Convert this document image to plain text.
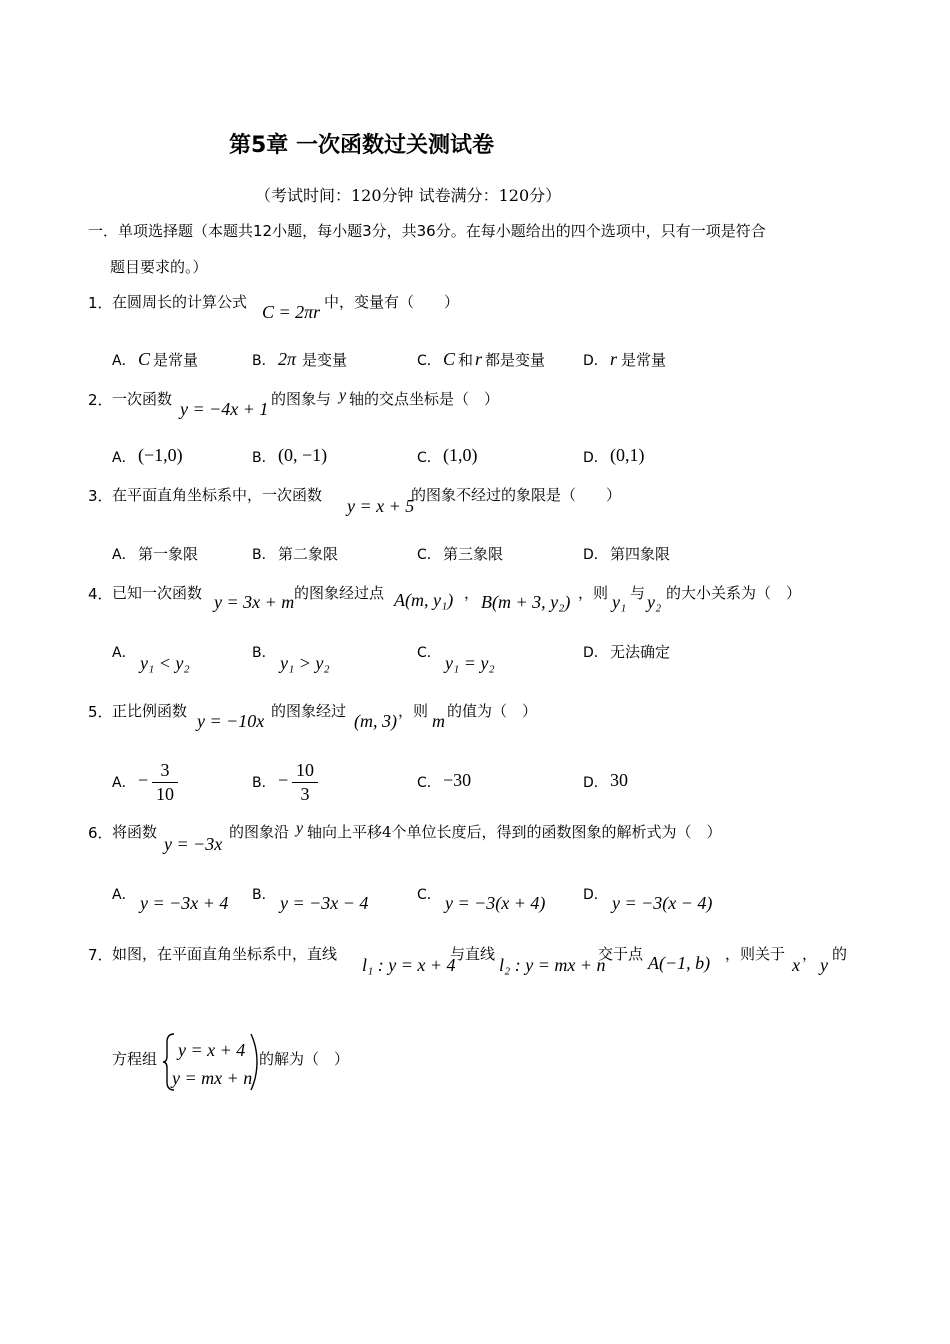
第5章 一次函数过关测试卷
（考试时间：120分钟 试卷满分：120分）
一．单项选择题（本题共12小题，每小题3分，共36分。在每小题给出的四个选项中，只有一项是符合
题目要求的。）
1． 在圆周长的计算公式 C = 2πr 中，变量有（　　）
A． C 是常量	B． 2π 是变量	C． C 和 r 都是变量	D． r 是常量
2． 一次函数 y = −4x + 1 的图象与 y 轴的交点坐标是（　）
A． (−1,0)	B． (0, −1)	C． (1,0)	D． (0,1)
3． 在平面直角坐标系中，一次函数
y = x + 5
的图象不经过的象限是（　　）
A． 第一象限	B． 第二象限	C． 第三象限	D． 第四象限
4． 已知一次函数 y = 3x + m 的图象经过点 A(m, y₁) ， B(m + 3, y₂) ，则 y₁ 与 y₂ 的大小关系为（　）
A． y₁ < y₂	B． y₁ > y₂	C． y₁ = y₂	D． 无法确定
5． 正比例函数 y = −10x 的图象经过 (m, 3) ，则 m 的值为（　）
A． − 3
10
B． − 10
3
C． −30	D． 30
6． 将函数
y = −3x
的图象沿 y 轴向上平移4个单位长度后，得到的函数图象的解析式为（　）
A． y = −3x + 4 B． y = −3x − 4	C． y = −3(x + 4)	D． y = −3(x − 4)
7． 如图，在平面直角坐标系中，直线
l₁ : y = x + 4
与直线
l₂ : y = mx + n
交于点 A(−1, b) ，则关于
x
，
y
的
方程组 y = x + 4
y = mx + n
的解为（　）
